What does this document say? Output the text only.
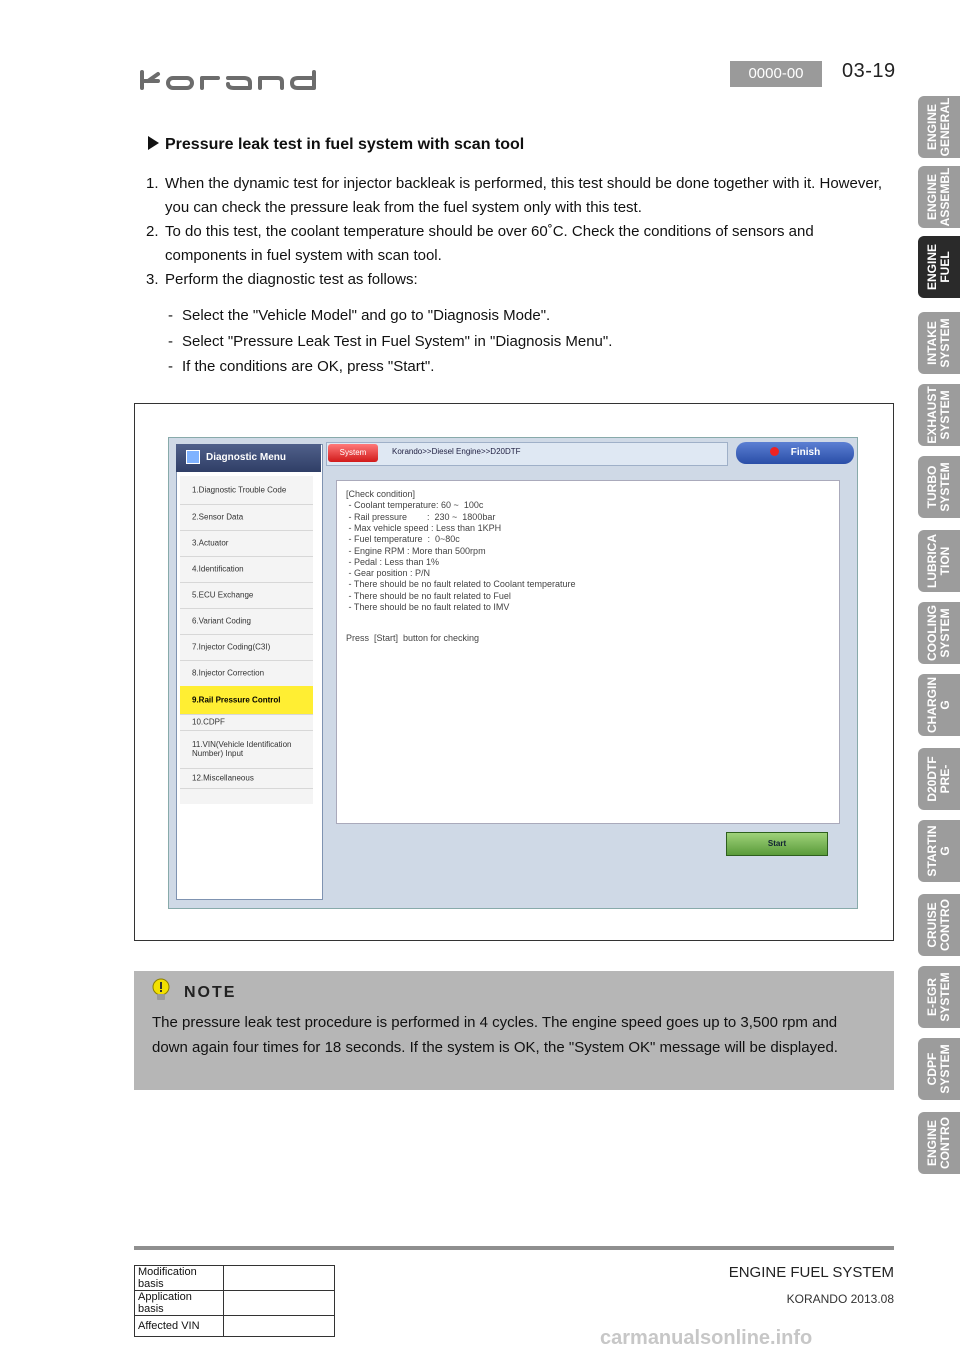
0000-00	03-19
ENGINE
GENERAL
ENGINE
ASSEMBL
ENGINE
FUEL
INTAKE
SYSTEM
EXHAUST
SYSTEM
TURBO
SYSTEM
LUBRICA
TION
COOLING
SYSTEM
CHARGIN
G
D20DTF
PRE-
STARTIN
G
CRUISE
CONTRO
E-EGR
SYSTEM
CDPF
SYSTEM
ENGINE
CONTRO
Pressure leak test in fuel system with scan tool
1. When the dynamic test for injector backleak is performed, this test should be done together with it. However, you can check the pressure leak from the fuel system only with this test.
2. To do this test, the coolant temperature should be over 60˚C. Check the conditions of sensors and components in fuel system with scan tool.
3. Perform the diagnostic test as follows:
- Select the "Vehicle Model" and go to "Diagnosis Mode".
- Select "Pressure Leak Test in Fuel System" in "Diagnosis Menu".
- If the conditions are OK, press "Start".
Diagnostic Menu
1.Diagnostic Trouble Code
2.Sensor Data
3.Actuator
4.Identification
5.ECU Exchange
6.Variant Coding
7.Injector Coding(C3I)
8.Injector Correction
9.Rail Pressure Control
10.CDPF
11.VIN(Vehicle Identification Number) Input
12.Miscellaneous
System	Korando>>Diesel Engine>>D20DTF	Finish
[Check condition]
- Coolant temperature: 60 ~  100c
- Rail pressure        :  230 ~  1800bar
- Max vehicle speed : Less than 1KPH
- Fuel temperature  :  0~80c
- Engine RPM : More than 500rpm
- Pedal : Less than 1%
- Gear position : P/N
- There should be no fault related to Coolant temperature
- There should be no fault related to Fuel
- There should be no fault related to IMV
Press  [Start]  button for checking
Start
NOTE
The pressure leak test procedure is performed in 4 cycles. The engine speed goes up to 3,500 rpm and down again four times for 18 seconds. If the system is OK, the "System OK" message will be displayed.
Modification basis	
Application basis	
Affected VIN	
ENGINE FUEL SYSTEM
KORANDO 2013.08
carmanualsonline.info
